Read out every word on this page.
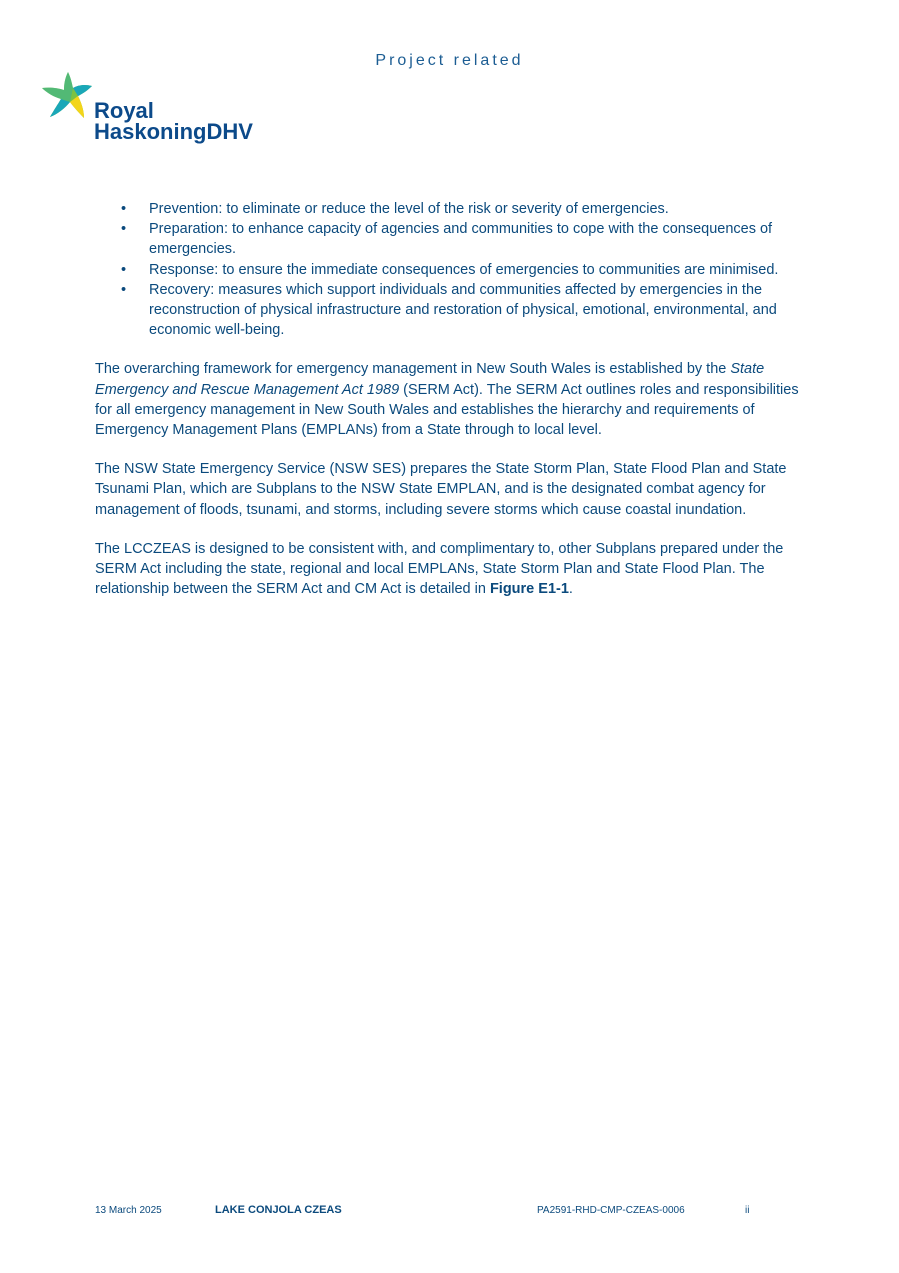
Project related
Royal
HaskoningDHV
• Prevention: to eliminate or reduce the level of the risk or severity of emergencies.
• Preparation: to enhance capacity of agencies and communities to cope with the consequences of emergencies.
• Response: to ensure the immediate consequences of emergencies to communities are minimised.
• Recovery: measures which support individuals and communities affected by emergencies in the reconstruction of physical infrastructure and restoration of physical, emotional, environmental, and economic well-being.

The overarching framework for emergency management in New South Wales is established by the State Emergency and Rescue Management Act 1989 (SERM Act). The SERM Act outlines roles and responsibilities for all emergency management in New South Wales and establishes the hierarchy and requirements of Emergency Management Plans (EMPLANs) from a State through to local level.

The NSW State Emergency Service (NSW SES) prepares the State Storm Plan, State Flood Plan and State Tsunami Plan, which are Subplans to the NSW State EMPLAN, and is the designated combat agency for management of floods, tsunami, and storms, including severe storms which cause coastal inundation.

The LCCZEAS is designed to be consistent with, and complimentary to, other Subplans prepared under the SERM Act including the state, regional and local EMPLANs, State Storm Plan and State Flood Plan. The relationship between the SERM Act and CM Act is detailed in Figure E1-1.

13 March 2025	LAKE CONJOLA CZEAS	PA2591-RHD-CMP-CZEAS-0006	ii
